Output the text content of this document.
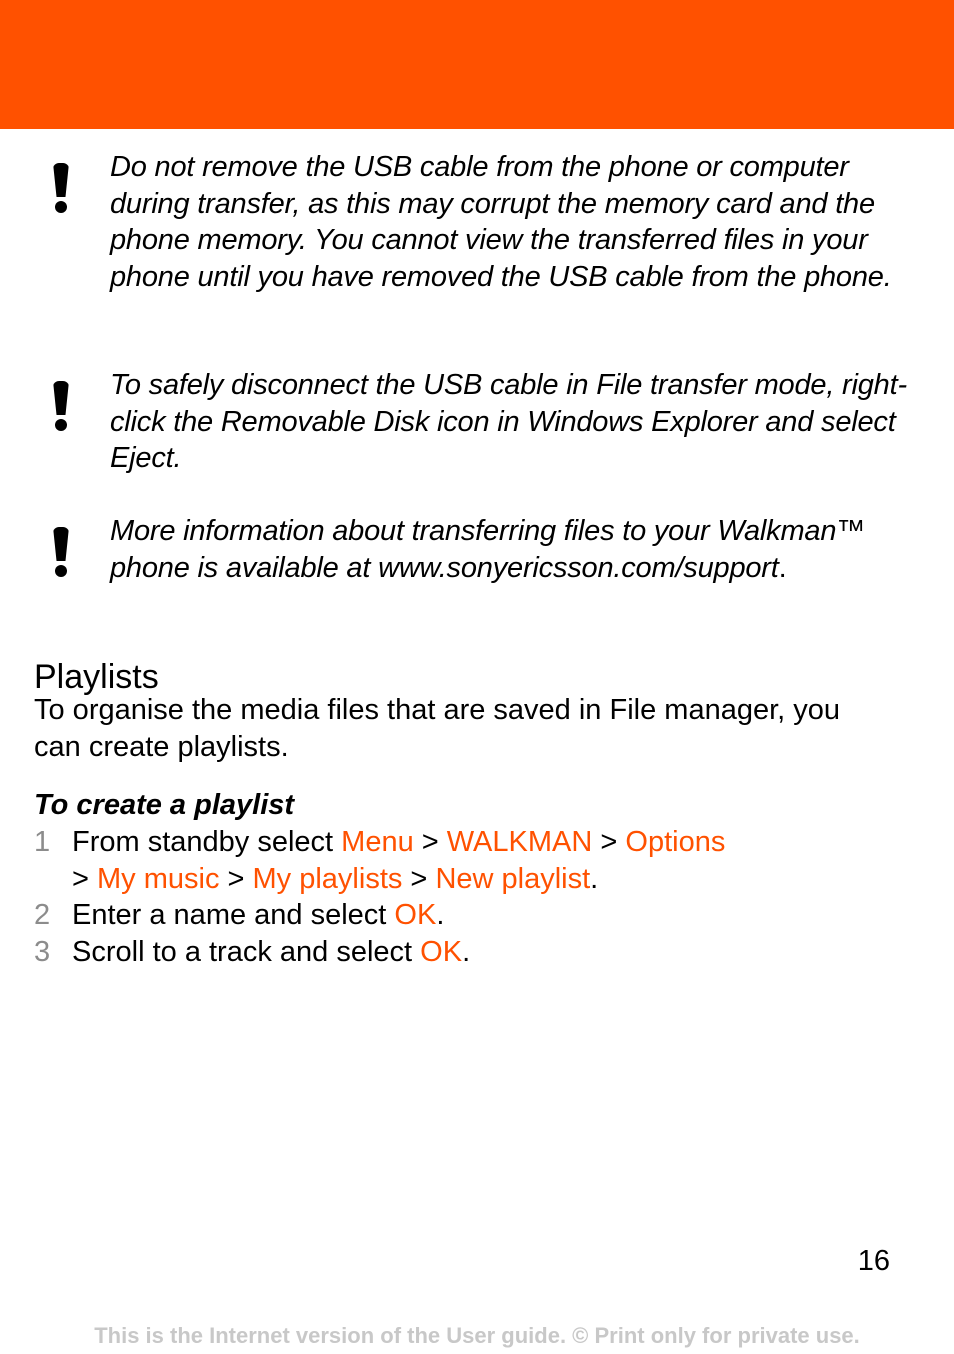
Do not remove the USB cable from the phone or computer during transfer, as this may corrupt the memory card and the phone memory. You cannot view the transferred files in your phone until you have removed the USB cable from the phone.
To safely disconnect the USB cable in File transfer mode, right-click the Removable Disk icon in Windows Explorer and select Eject.
More information about transferring files to your Walkman™ phone is available at www.sonyericsson.com/support.
Playlists
To organise the media files that are saved in File manager, you can create playlists.
To create a playlist
1 From standby select Menu > WALKMAN > Options
> My music > My playlists > New playlist.
2 Enter a name and select OK.
3 Scroll to a track and select OK.
16
This is the Internet version of the User guide. © Print only for private use.
